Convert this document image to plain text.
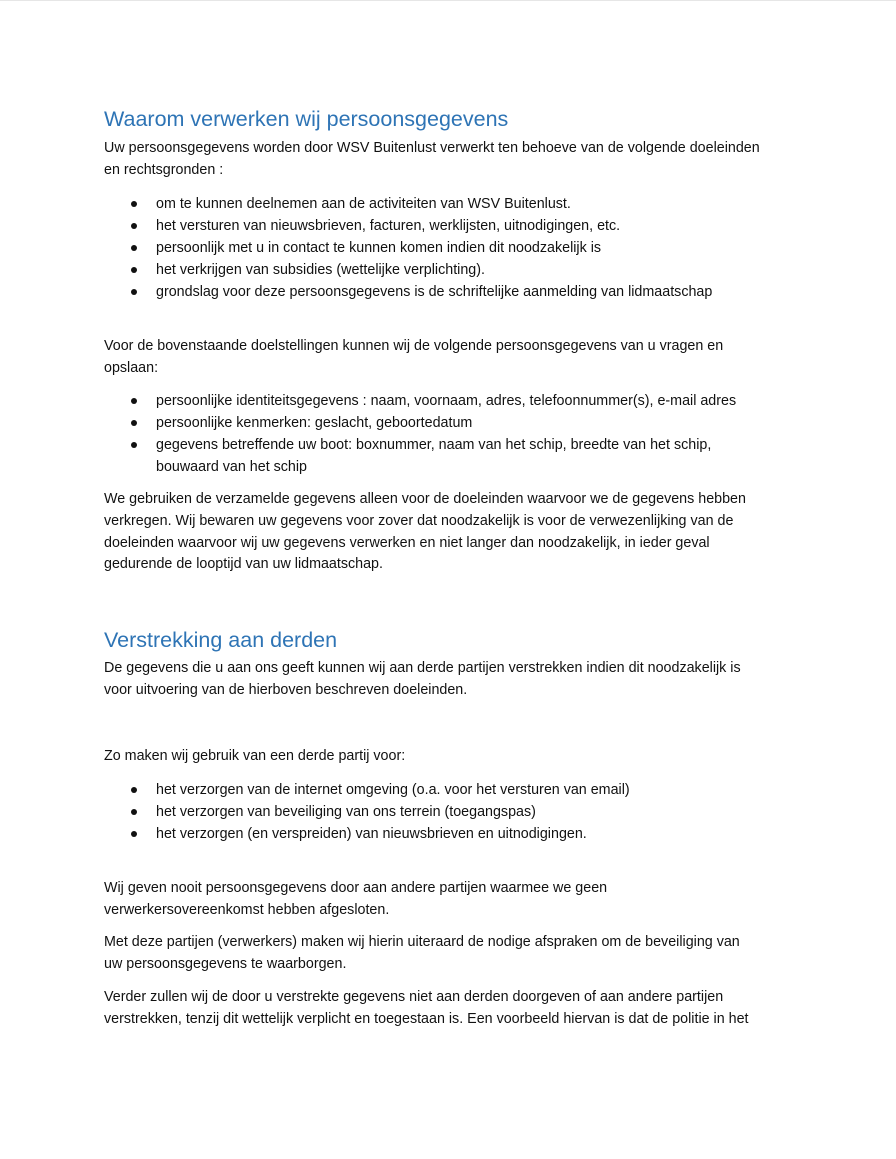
Waarom verwerken wij persoonsgegevens

Uw persoonsgegevens worden door WSV Buitenlust verwerkt ten behoeve van de volgende doeleinden

en rechtsgronden :

om te kunnen deelnemen aan de activiteiten van WSV Buitenlust.
het versturen van nieuwsbrieven, facturen, werklijsten, uitnodigingen, etc.
persoonlijk met u in contact te kunnen komen indien dit noodzakelijk is
het verkrijgen van subsidies (wettelijke verplichting).
grondslag voor deze persoonsgegevens is de schriftelijke aanmelding van lidmaatschap

Voor de bovenstaande doelstellingen kunnen wij de volgende persoonsgegevens van u vragen en

opslaan:

persoonlijke identiteitsgegevens : naam, voornaam, adres, telefoonnummer(s), e-mail adres
persoonlijke kenmerken: geslacht, geboortedatum
gegevens betreffende uw boot: boxnummer, naam van het schip, breedte van het schip,
bouwaard van het schip

We gebruiken de verzamelde gegevens alleen voor de doeleinden waarvoor we de gegevens hebben

verkregen. Wij bewaren uw gegevens voor zover dat noodzakelijk is voor de verwezenlijking van de

doeleinden waarvoor wij uw gegevens verwerken en niet langer dan noodzakelijk, in ieder geval

gedurende de looptijd van uw lidmaatschap.

Verstrekking aan derden

De gegevens die u aan ons geeft kunnen wij aan derde partijen verstrekken indien dit noodzakelijk is

voor uitvoering van de hierboven beschreven doeleinden.

Zo maken wij gebruik van een derde partij voor:

het verzorgen van de internet omgeving (o.a. voor het versturen van email)
het verzorgen van beveiliging van ons terrein (toegangspas)
het verzorgen (en verspreiden) van nieuwsbrieven en uitnodigingen.

Wij geven nooit persoonsgegevens door aan andere partijen waarmee we geen

verwerkersovereenkomst hebben afgesloten.

Met deze partijen (verwerkers) maken wij hierin uiteraard de nodige afspraken om de beveiliging van

uw persoonsgegevens te waarborgen.

Verder zullen wij de door u verstrekte gegevens niet aan derden doorgeven of aan andere partijen

verstrekken, tenzij dit wettelijk verplicht en toegestaan is. Een voorbeeld hiervan is dat de politie in het
